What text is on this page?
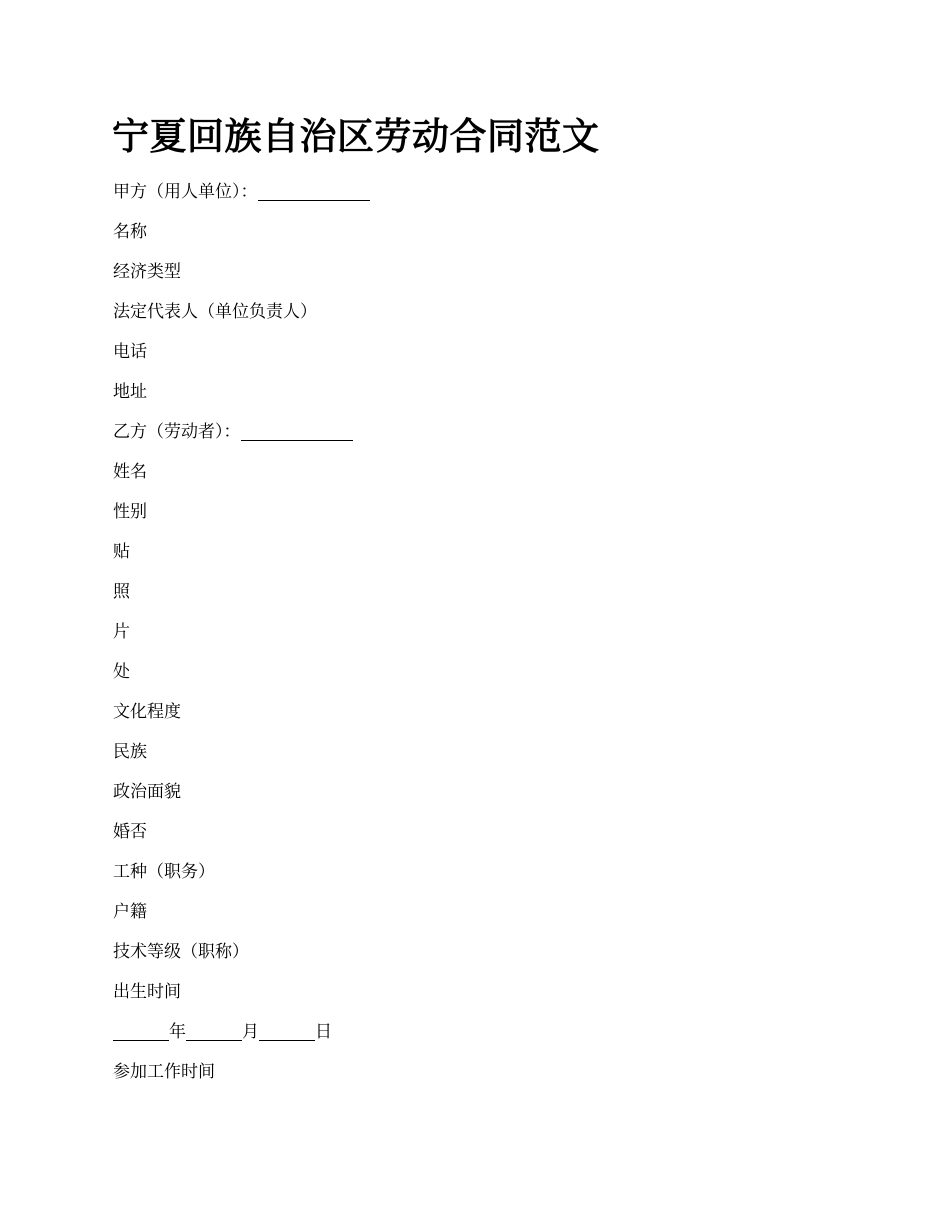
宁夏回族自治区劳动合同范文
甲方（用人单位）：
名称
经济类型
法定代表人（单位负责人）
电话
地址
乙方（劳动者）：
姓名
性别
贴
照
片
处
文化程度
民族
政治面貌
婚否
工种（职务）
户籍
技术等级（职称）
出生时间
年	月	日
参加工作时间
